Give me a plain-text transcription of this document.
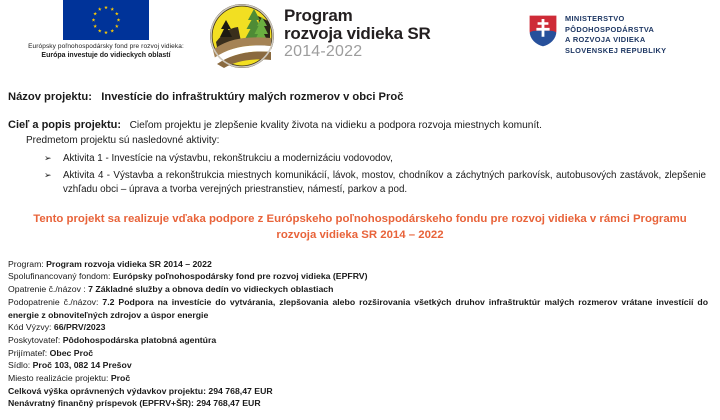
Európsky poľnohospodársky fond pre rozvoj vidieka:
Európa investuje do vidieckych oblastí
Program
rozvoja vidieka SR
2014-2022
MINISTERSTVO
PÔDOHOSPODÁRSTVA
A ROZVOJA VIDIEKA
SLOVENSKEJ REPUBLIKY
Názov projektu: Investície do infraštruktúry malých rozmerov v obci Proč
Cieľ a popis projektu: Cieľom projektu je zlepšenie kvality života na vidieku a podpora rozvoja miestnych komunít.
Predmetom projektu sú nasledovné aktivity:
➢ Aktivita 1 - Investície na výstavbu, rekonštrukciu a modernizáciu vodovodov,
➢ Aktivita 4 - Výstavba a rekonštrukcia miestnych komunikácií, lávok, mostov, chodníkov a záchytných parkovísk, autobusových zastávok, zlepšenie vzhľadu obci – úprava a tvorba verejných priestranstiev, námestí, parkov a pod.
Tento projekt sa realizuje vďaka podpore z Európskeho poľnohospodárskeho fondu pre rozvoj vidieka v rámci Programu
rozvoja vidieka SR 2014 – 2022
Program: Program rozvoja vidieka SR 2014 – 2022
Spolufinancovaný fondom: Európsky poľnohospodársky fond pre rozvoj vidieka (EPFRV)
Opatrenie č./názov : 7 Základné služby a obnova dedín vo vidieckych oblastiach
Podopatrenie č./názov: 7.2 Podpora na investície do vytvárania, zlepšovania alebo rozširovania všetkých druhov infraštruktúr malých rozmerov vrátane investícií do energie z obnoviteľných zdrojov a úspor energie
Kód Výzvy: 66/PRV/2023
Poskytovateľ: Pôdohospodárska platobná agentúra
Prijímateľ: Obec Proč
Sídlo: Proč 103, 082 14 Prešov
Miesto realizácie projektu: Proč
Celková výška oprávnených výdavkov projektu: 294 768,47 EUR
Nenávratný finančný príspevok (EPFRV+ŠR): 294 768,47 EUR
